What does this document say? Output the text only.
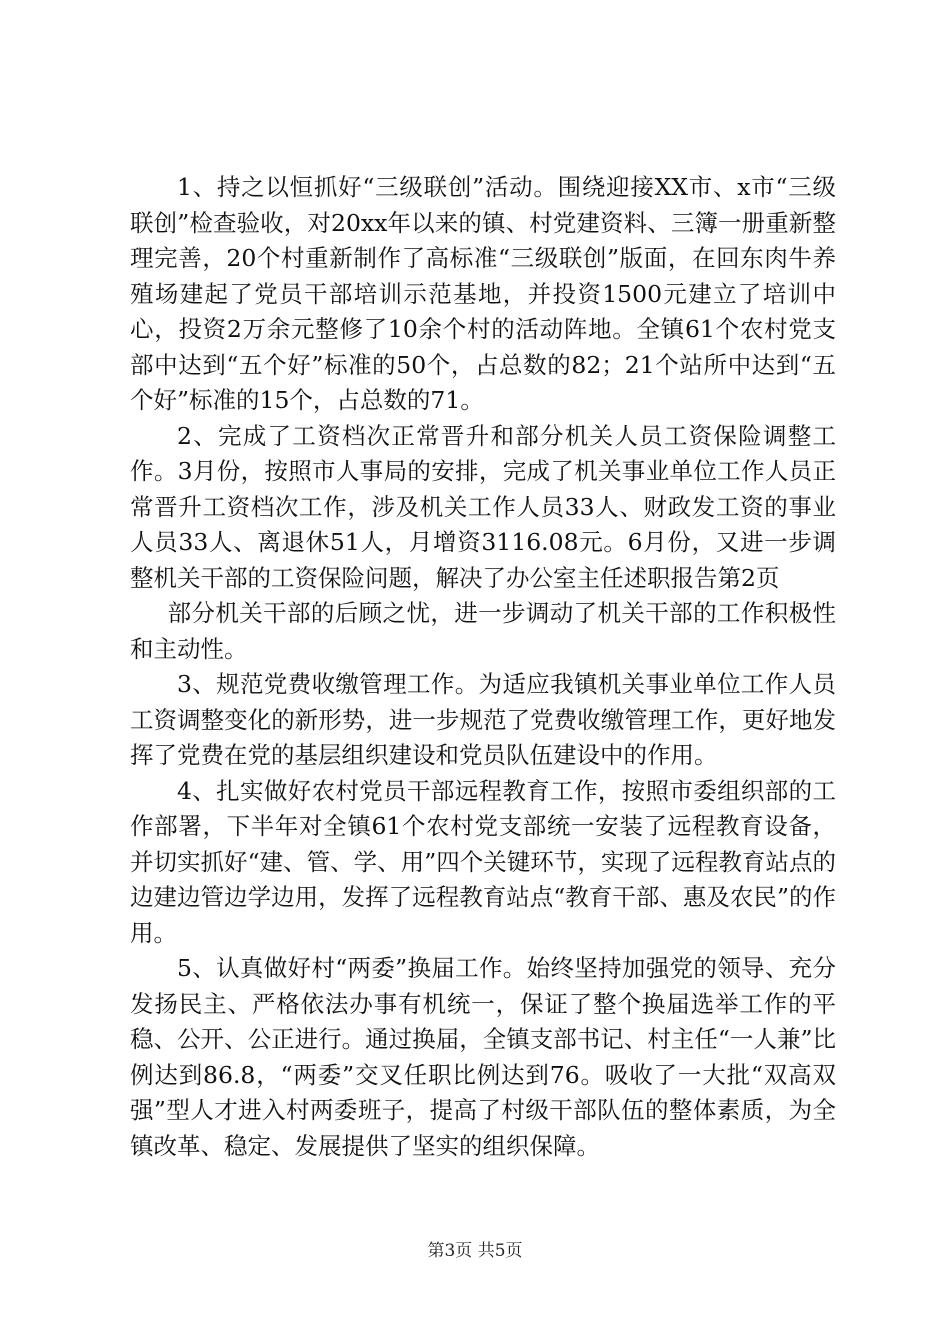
1、持之以恒抓好“三级联创”活动。围绕迎接XX市、x市“三级联创”检查验收，对20xx年以来的镇、村党建资料、三簿一册重新整理完善，20个村重新制作了高标准“三级联创”版面，在回东肉牛养殖场建起了党员干部培训示范基地，并投资1500元建立了培训中心，投资2万余元整修了10余个村的活动阵地。全镇61个农村党支部中达到“五个好”标准的50个，占总数的82；21个站所中达到“五个好”标准的15个，占总数的71。

2、完成了工资档次正常晋升和部分机关人员工资保险调整工作。3月份，按照市人事局的安排，完成了机关事业单位工作人员正常晋升工资档次工作，涉及机关工作人员33人、财政发工资的事业人员33人、离退休51人，月增资3116.08元。6月份，又进一步调整机关干部的工资保险问题，解决了办公室主任述职报告第2页

部分机关干部的后顾之忧，进一步调动了机关干部的工作积极性和主动性。

3、规范党费收缴管理工作。为适应我镇机关事业单位工作人员工资调整变化的新形势，进一步规范了党费收缴管理工作，更好地发挥了党费在党的基层组织建设和党员队伍建设中的作用。

4、扎实做好农村党员干部远程教育工作，按照市委组织部的工作部署，下半年对全镇61个农村党支部统一安装了远程教育设备，并切实抓好“建、管、学、用”四个关键环节，实现了远程教育站点的边建边管边学边用，发挥了远程教育站点“教育干部、惠及农民”的作用。

5、认真做好村“两委”换届工作。始终坚持加强党的领导、充分发扬民主、严格依法办事有机统一，保证了整个换届选举工作的平稳、公开、公正进行。通过换届，全镇支部书记、村主任“一人兼”比例达到86.8，“两委”交叉任职比例达到76。吸收了一大批“双高双强”型人才进入村两委班子，提高了村级干部队伍的整体素质，为全镇改革、稳定、发展提供了坚实的组织保障。

第3页 共5页
